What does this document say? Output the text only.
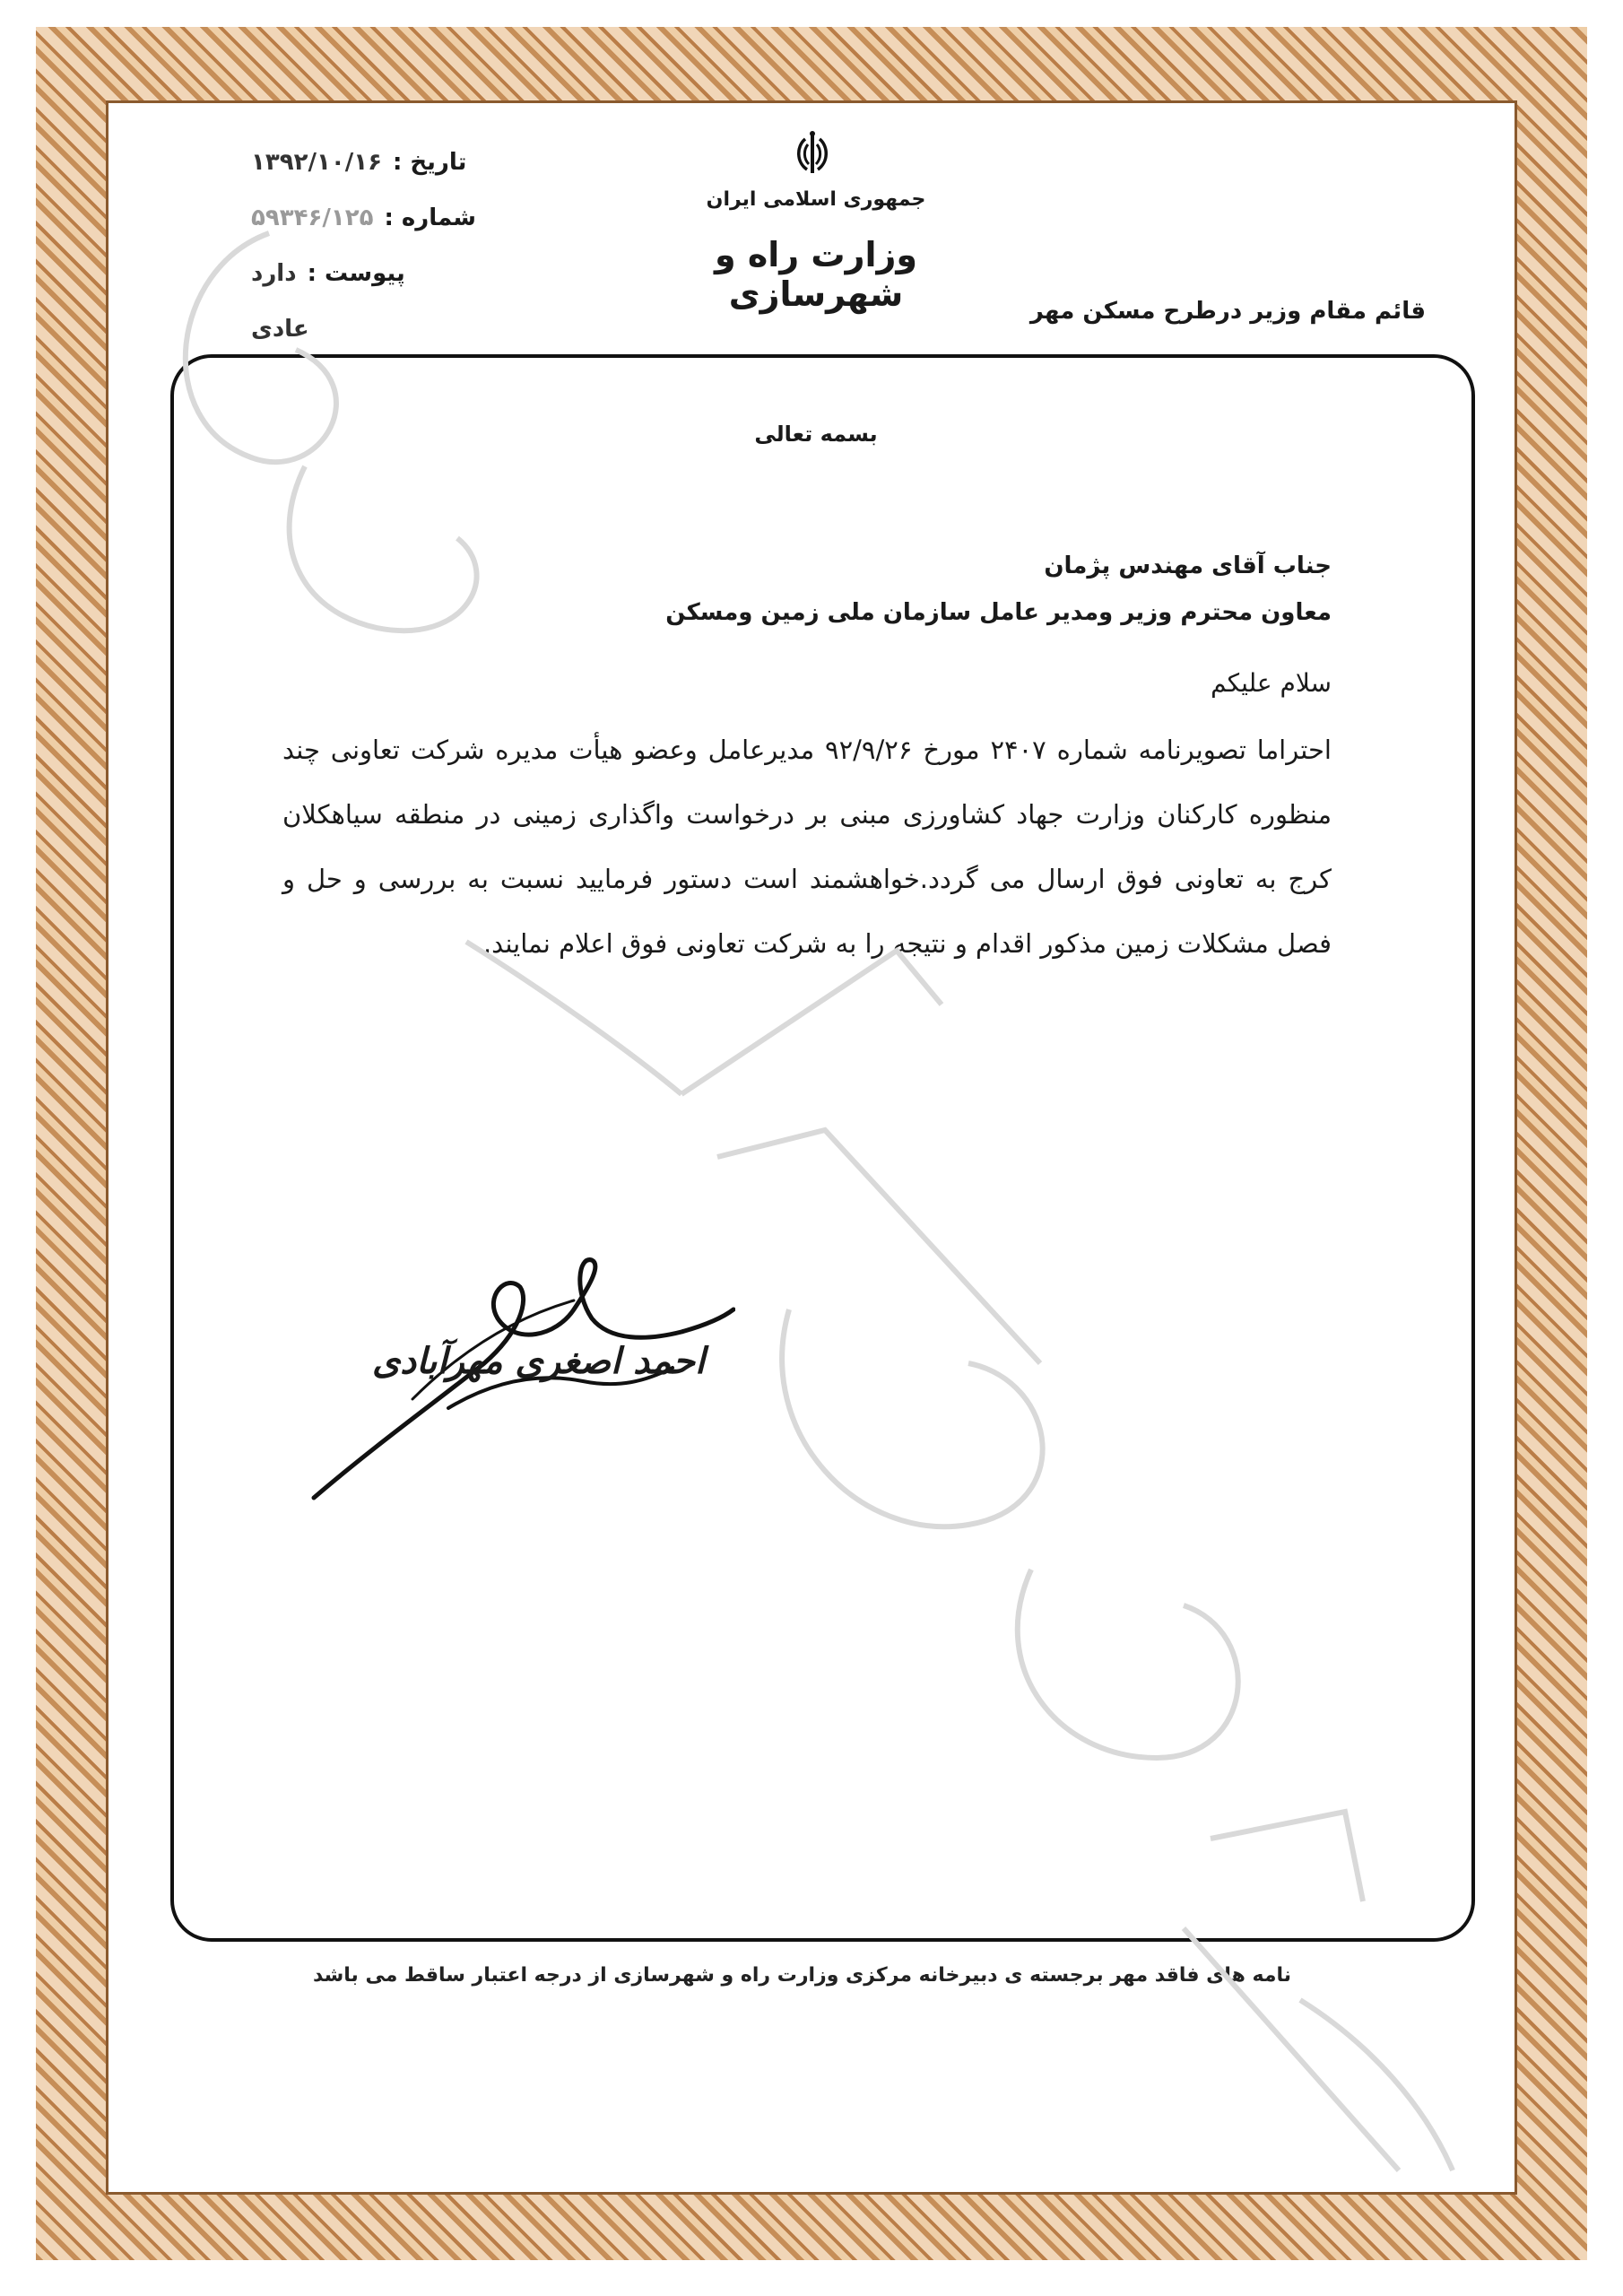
تاریخ :
۱۳۹۲/۱۰/۱۶
شماره :
۵۹۳۴۶/۱۲۵
پیوست :
دارد
عادی
جمهوری اسلامی ایران
وزارت راه و شهرسازی	قائم مقام وزیر درطرح مسکن مهر
بسمه تعالی
جناب آقای مهندس پژمان
معاون محترم وزیر ومدیر عامل سازمان ملی زمین ومسکن
سلام علیکم

احتراما تصویرنامه شماره ۲۴۰۷ مورخ ۹۲/۹/۲۶ مدیرعامل وعضو هیأت مدیره شرکت تعاونی چند منظوره کارکنان وزارت جهاد کشاورزی مبنی بر درخواست واگذاری زمینی در منطقه سیاهکلان کرج به تعاونی فوق ارسال می گردد.خواهشمند است دستور فرمایید نسبت به بررسی و حل و فصل مشکلات زمین مذکور اقدام و نتیجه را به شرکت تعاونی فوق اعلام نمایند.

احمد اصغری مهرآبادی
نامه های فاقد مهر برجسته ی دبیرخانه مرکزی وزارت راه و شهرسازی از درجه اعتبار ساقط می باشد
